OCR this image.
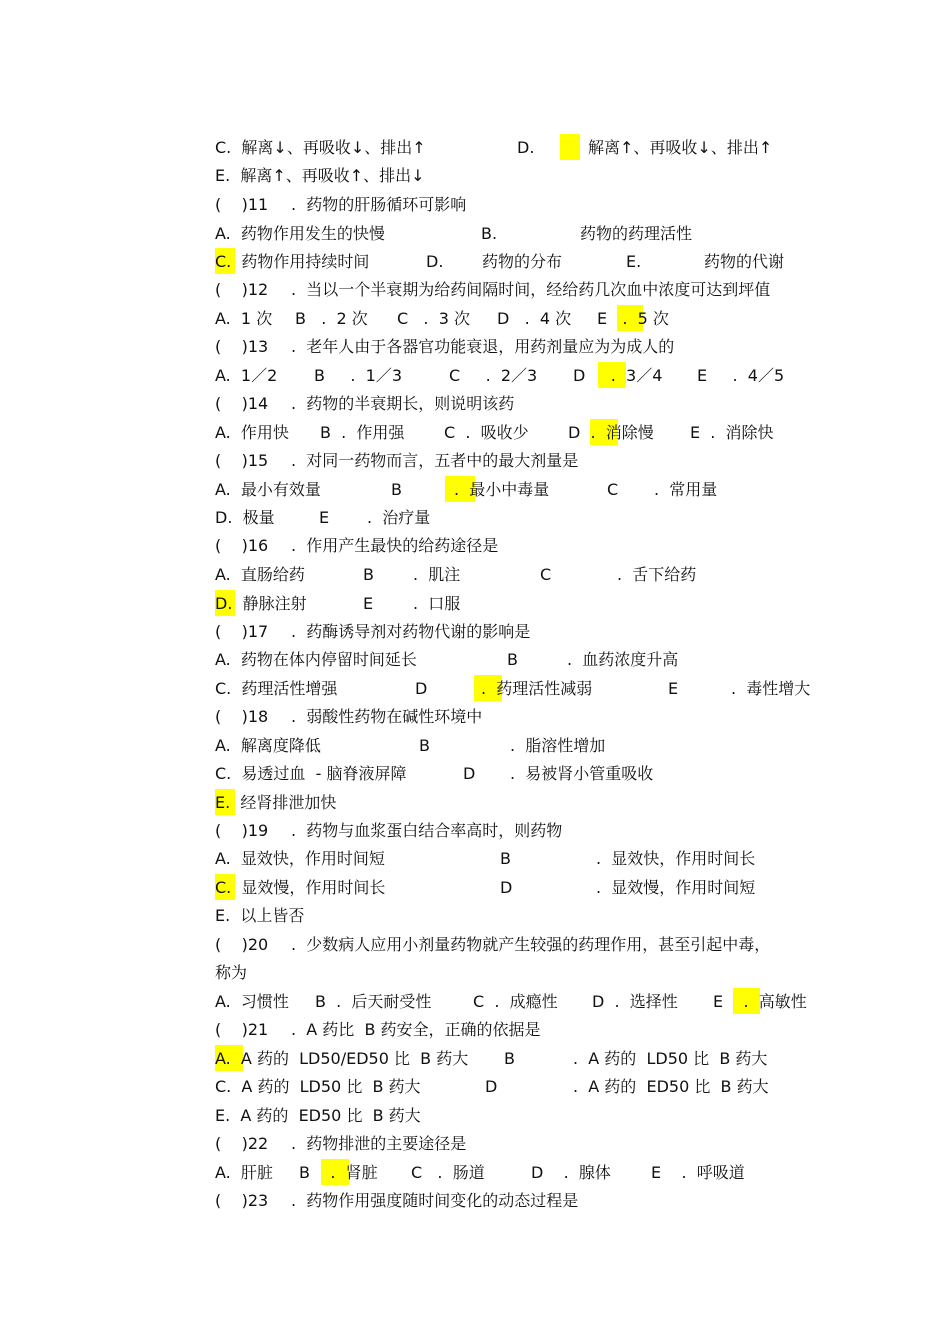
C.  解离↓、再吸收↓、排出↑	D.	解离↑、再吸收↓、排出↑
E.  解离↑、再吸收↑、排出↓
(    )11 .  药物的肝肠循环可影响
A.  药物作用发生的快慢	B.	药物的药理活性
C.  药物作用持续时间	D. 药物的分布	E.	药物的代谢
(    )12 .  当以一个半衰期为给药间隔时间，经给药几次血中浓度可达到坪值
A.  1 次 B   .  2 次 C   .  3 次 D   .  4 次 E   .  5 次
(    )13 .  老年人由于各器官功能衰退，用药剂量应为为成人的
A.  1／2 B     .  1／3	C     .  2／3 D     .  3／4 E     .  4／5
(    )14 .  药物的半衰期长，则说明该药
A.  作用快 B  .  作用强 C  .  吸收少 D  .  消除慢 E  .  消除快
(    )15 .  对同一药物而言，五者中的最大剂量是
A.  最小有效量	B	.  最小中毒量	C .  常用量
D.  极量	E .  治疗量
(    )16 .  作用产生最快的给药途径是
A.  直肠给药	B .  肌注	C	.  舌下给药
D.  静脉注射	E .  口服
(    )17 .  药酶诱导剂对药物代谢的影响是
A.  药物在体内停留时间延长	B	.  血药浓度升高
C.  药理活性增强	D	.  药理活性减弱	E	.  毒性增大
(    )18 .  弱酸性药物在碱性环境中
A.  解离度降低	B	.  脂溶性增加
C.  易透过血  - 脑脊液屏障	D .  易被肾小管重吸收
E.  经肾排泄加快
(    )19 .  药物与血浆蛋白结合率高时，则药物
A.  显效快，作用时间短	B	.  显效快，作用时间长
C.  显效慢，作用时间长	D	.  显效慢，作用时间短
E.  以上皆否
(    )20 .  少数病人应用小剂量药物就产生较强的药理作用，甚至引起中毒，
称为
A.  习惯性 B  .  后天耐受性	C  .  成瘾性 D  .  选择性 E    .  高敏性
(    )21 .  A 药比  B 药安全，正确的依据是
A.  A 药的  LD50/ED50 比  B 药大 B	.  A 药的  LD50 比  B 药大
C.  A 药的  LD50 比  B 药大	D	.  A 药的  ED50 比  B 药大
E.  A 药的  ED50 比  B 药大
(    )22 .  药物排泄的主要途径是
A.  肝脏 B    .  肾脏 C   .  肠道	D    .  腺体	E    .  呼吸道
(    )23 .  药物作用强度随时间变化的动态过程是
